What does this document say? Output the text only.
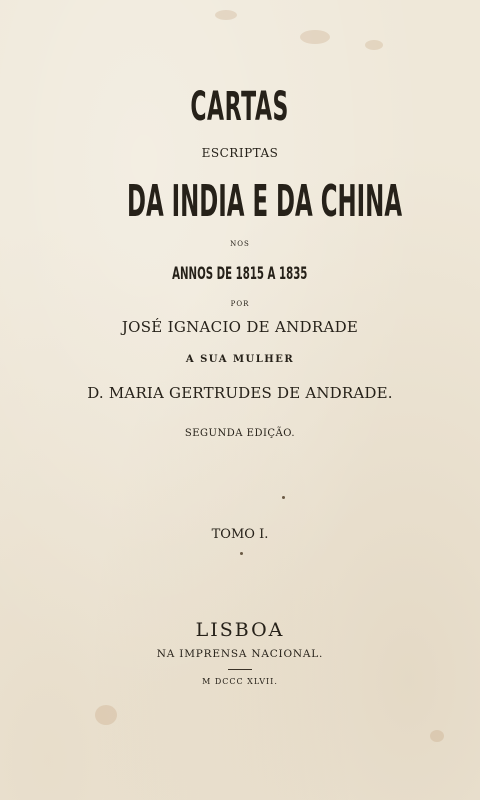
CARTAS
ESCRIPTAS
DA INDIA E DA CHINA
NOS
ANNOS DE 1815 A 1835
POR
JOSÉ IGNACIO DE ANDRADE
A SUA MULHER
D. MARIA GERTRUDES DE ANDRADE.
SEGUNDA EDIÇÃO.
TOMO I.
LISBOA
NA IMPRENSA NACIONAL.
M DCCC XLVII.
